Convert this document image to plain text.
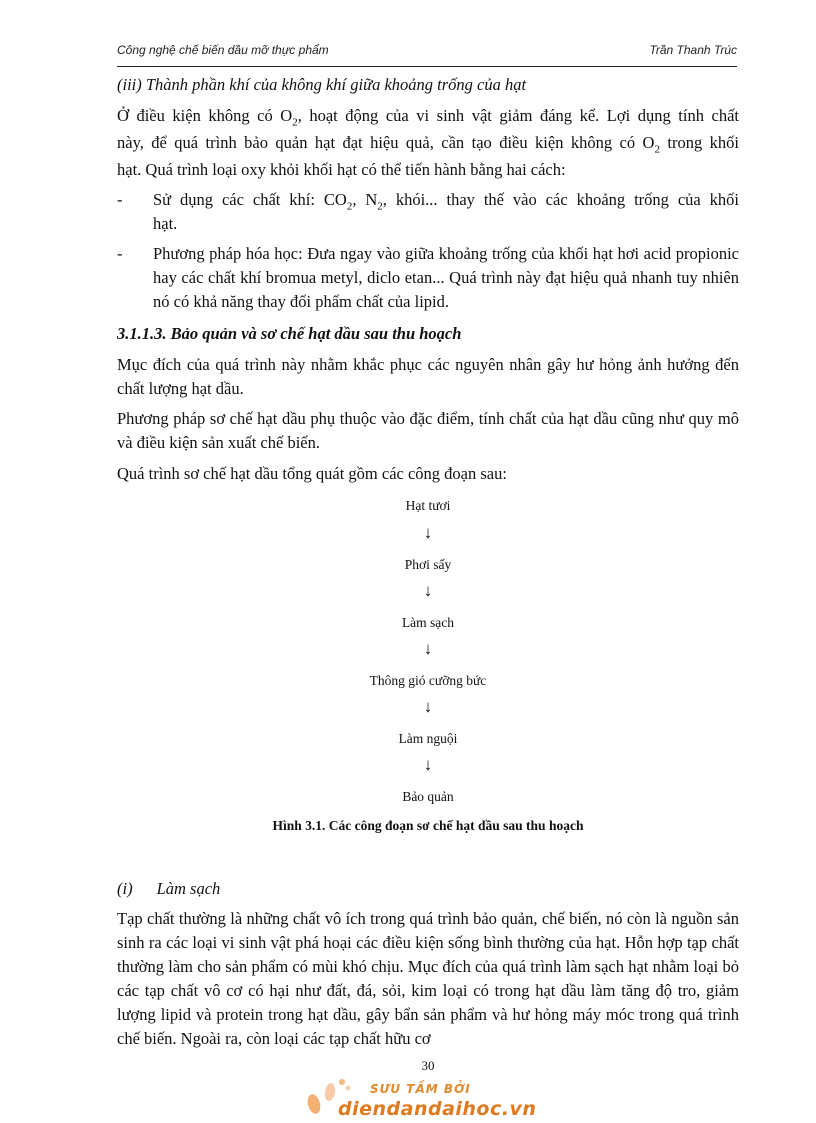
Công nghệ chế biến dầu mỡ thực phẩm	Trần Thanh Trúc
(iii) Thành phần khí của không khí giữa khoảng trống của hạt
Ở điều kiện không có $O_2$, hoạt động của vi sinh vật giảm đáng kể. Lợi dụng tính chất
này, để quá trình bảo quản hạt đạt hiệu quả, cần tạo điều kiện không có $O_2$ trong khối
hạt. Quá trình loại oxy khỏi khối hạt có thể tiến hành bằng hai cách:
- Sử dụng các chất khí: $CO_2$, $N_2$, khói... thay thế vào các khoảng trống của khối
hạt.
- Phương pháp hóa học: Đưa ngay vào giữa khoảng trống của khối hạt hơi acid propionic hay các chất khí bromua metyl, diclo etan... Quá trình này đạt hiệu quả nhanh tuy nhiên nó có khả năng thay đổi phẩm chất của lipid.
3.1.1.3. Bảo quản và sơ chế hạt dầu sau thu hoạch
Mục đích của quá trình này nhằm khắc phục các nguyên nhân gây hư hỏng ảnh hưởng đến chất lượng hạt dầu.
Phương pháp sơ chế hạt dầu phụ thuộc vào đặc điểm, tính chất của hạt dầu cũng như quy mô và điều kiện sản xuất chế biến.
Quá trình sơ chế hạt dầu tổng quát gồm các công đoạn sau:
Hạt tươi
↓
Phơi sấy
↓
Làm sạch
↓
Thông gió cưỡng bức
↓
Làm nguội
↓
Bảo quản
Hình 3.1. Các công đoạn sơ chế hạt dầu sau thu hoạch
(i) Làm sạch
Tạp chất thường là những chất vô ích trong quá trình bảo quản, chế biến, nó còn là nguồn sản sinh ra các loại vi sinh vật phá hoại các điều kiện sống bình thường của hạt. Hỗn hợp tạp chất thường làm cho sản phẩm có mùi khó chịu. Mục đích của quá trình làm sạch hạt nhằm loại bỏ các tạp chất vô cơ có hại như đất, đá, sỏi, kim loại có trong hạt dầu làm tăng độ tro, giảm lượng lipid và protein trong hạt dầu, gây bẩn sản phẩm và hư hỏng máy móc trong quá trình chế biến. Ngoài ra, còn loại các tạp chất hữu cơ
30
SƯU TẦM BỞI
diendandaihoc.vn
